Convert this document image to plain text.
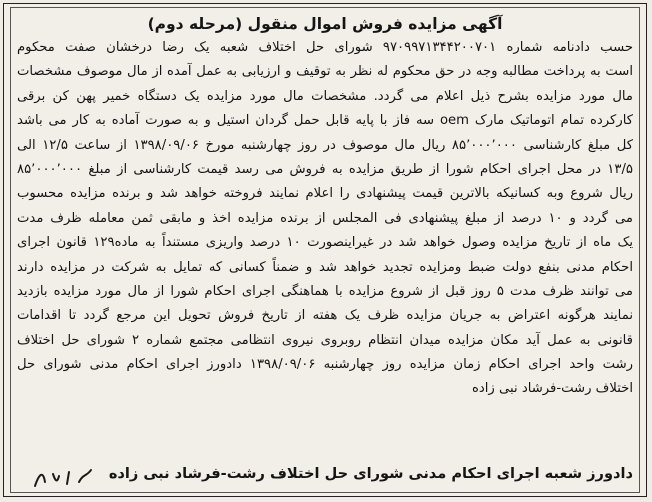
آگهی مزایده فروش اموال منقول (مرحله دوم)
حسب دادنامه شماره ۹۷۰۹۹۷۱۳۴۴۲۰۰۷۰۱ شورای حل اختلاف شعبه یک رضا درخشان صفت محکوم
است به پرداخت مطالبه وجه در حق محکوم له نظر به توقیف و ارزیابی به عمل آمده از مال موصوف مشخصات
مال مورد مزایده بشرح ذیل اعلام می گردد. مشخصات مال مورد مزایده یک دستگاه خمیر پهن کن برقی
کارکرده تمام اتوماتیک مارک oem سه فاز با پایه قابل حمل گردان استیل و به صورت آماده به کار می باشد
کل مبلغ کارشناسی ۸۵٬۰۰۰٬۰۰۰ ریال مال موصوف در روز چهارشنبه مورخ ۱۳۹۸/۰۹/۰۶ از ساعت ۱۲/۵ الی
۱۳/۵ در محل اجرای احکام شورا از طریق مزایده به فروش می رسد قیمت کارشناسی از مبلغ ۸۵٬۰۰۰٬۰۰۰
ریال شروع وبه کسانیکه بالاترین قیمت پیشنهادی را اعلام نمایند فروخته خواهد شد و برنده مزایده محسوب
می گردد و ۱۰ درصد از مبلغ پیشنهادی فی المجلس از برنده مزایده اخذ و مابقی ثمن معامله ظرف مدت
یک ماه از تاریخ مزایده وصول خواهد شد در غیراینصورت ۱۰ درصد واریزی مستنداً به ماده۱۲۹ قانون اجرای
احکام مدنی بنفع دولت ضبط ومزایده تجدید خواهد شد و ضمناً کسانی که تمایل به شرکت در مزایده دارند
می توانند ظرف مدت ۵ روز قبل از شروع مزایده با هماهنگی اجرای احکام شورا از مال مورد مزایده بازدید
نمایند هرگونه اعتراض به جریان مزایده ظرف یک هفته از تاریخ فروش تحویل این مرجع گردد تا اقدامات
قانونی به عمل آید مکان مزایده میدان انتظام روبروی نیروی انتظامی مجتمع شماره ۲ شورای حل اختلاف
رشت واحد اجرای احکام زمان مزایده روز چهارشنبه ۱۳۹۸/۰۹/۰۶ دادورز اجرای احکام مدنی شورای حل
اختلاف رشت-فرشاد نبی زاده
دادورز شعبه اجرای احکام مدنی شورای حل اختلاف رشت-فرشاد نبی زاده
